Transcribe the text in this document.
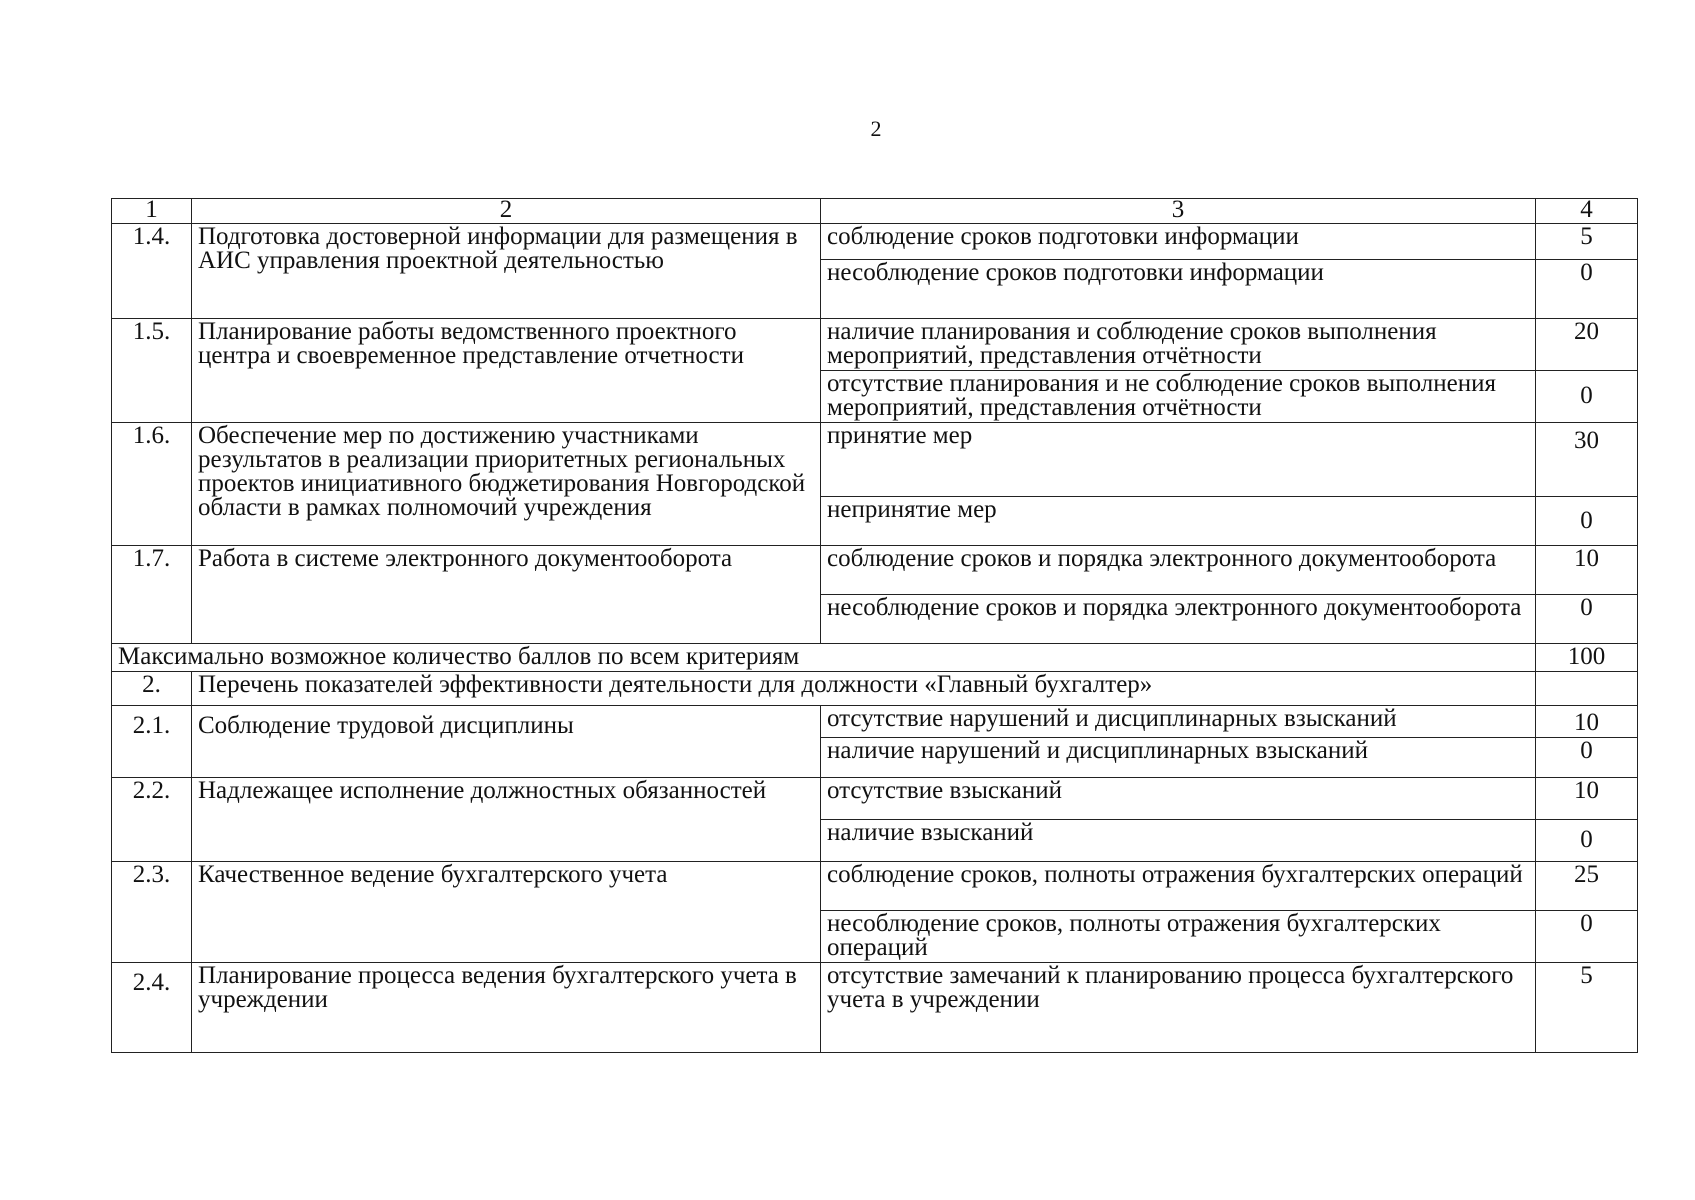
2
1	2	3	4
1.4.	Подготовка достоверной информации для размещения в АИС управления проектной деятельностью	соблюдение сроков подготовки информации	5
		несоблюдение сроков подготовки информации	0
1.5.	Планирование работы ведомственного проектного центра и своевременное представление отчетности	наличие планирования и соблюдение сроков выполнения мероприятий, представления отчётности	20
		отсутствие планирования и не соблюдение сроков выполнения мероприятий, представления отчётности	0
1.6.	Обеспечение мер по достижению участниками результатов в реализации приоритетных региональных проектов инициативного бюджетирования Новгородской области в рамках полномочий учреждения	принятие мер	30
		непринятие мер	0
1.7.	Работа в системе электронного документооборота	соблюдение сроков и порядка электронного документооборота	10
		несоблюдение сроков и порядка электронного документооборота	0
Максимально возможное количество баллов по всем критериям			100
2.	Перечень показателей эффективности деятельности для должности «Главный бухгалтер»		
2.1.	Соблюдение трудовой дисциплины	отсутствие нарушений и дисциплинарных взысканий	10
		наличие нарушений и дисциплинарных взысканий	0
2.2.	Надлежащее исполнение должностных обязанностей	отсутствие взысканий	10
		наличие взысканий	0
2.3.	Качественное ведение бухгалтерского учета	соблюдение сроков, полноты отражения бухгалтерских операций	25
		несоблюдение сроков, полноты отражения бухгалтерских операций	0
2.4.	Планирование процесса ведения бухгалтерского учета в учреждении	отсутствие замечаний к планированию процесса бухгалтерского учета в учреждении	5
